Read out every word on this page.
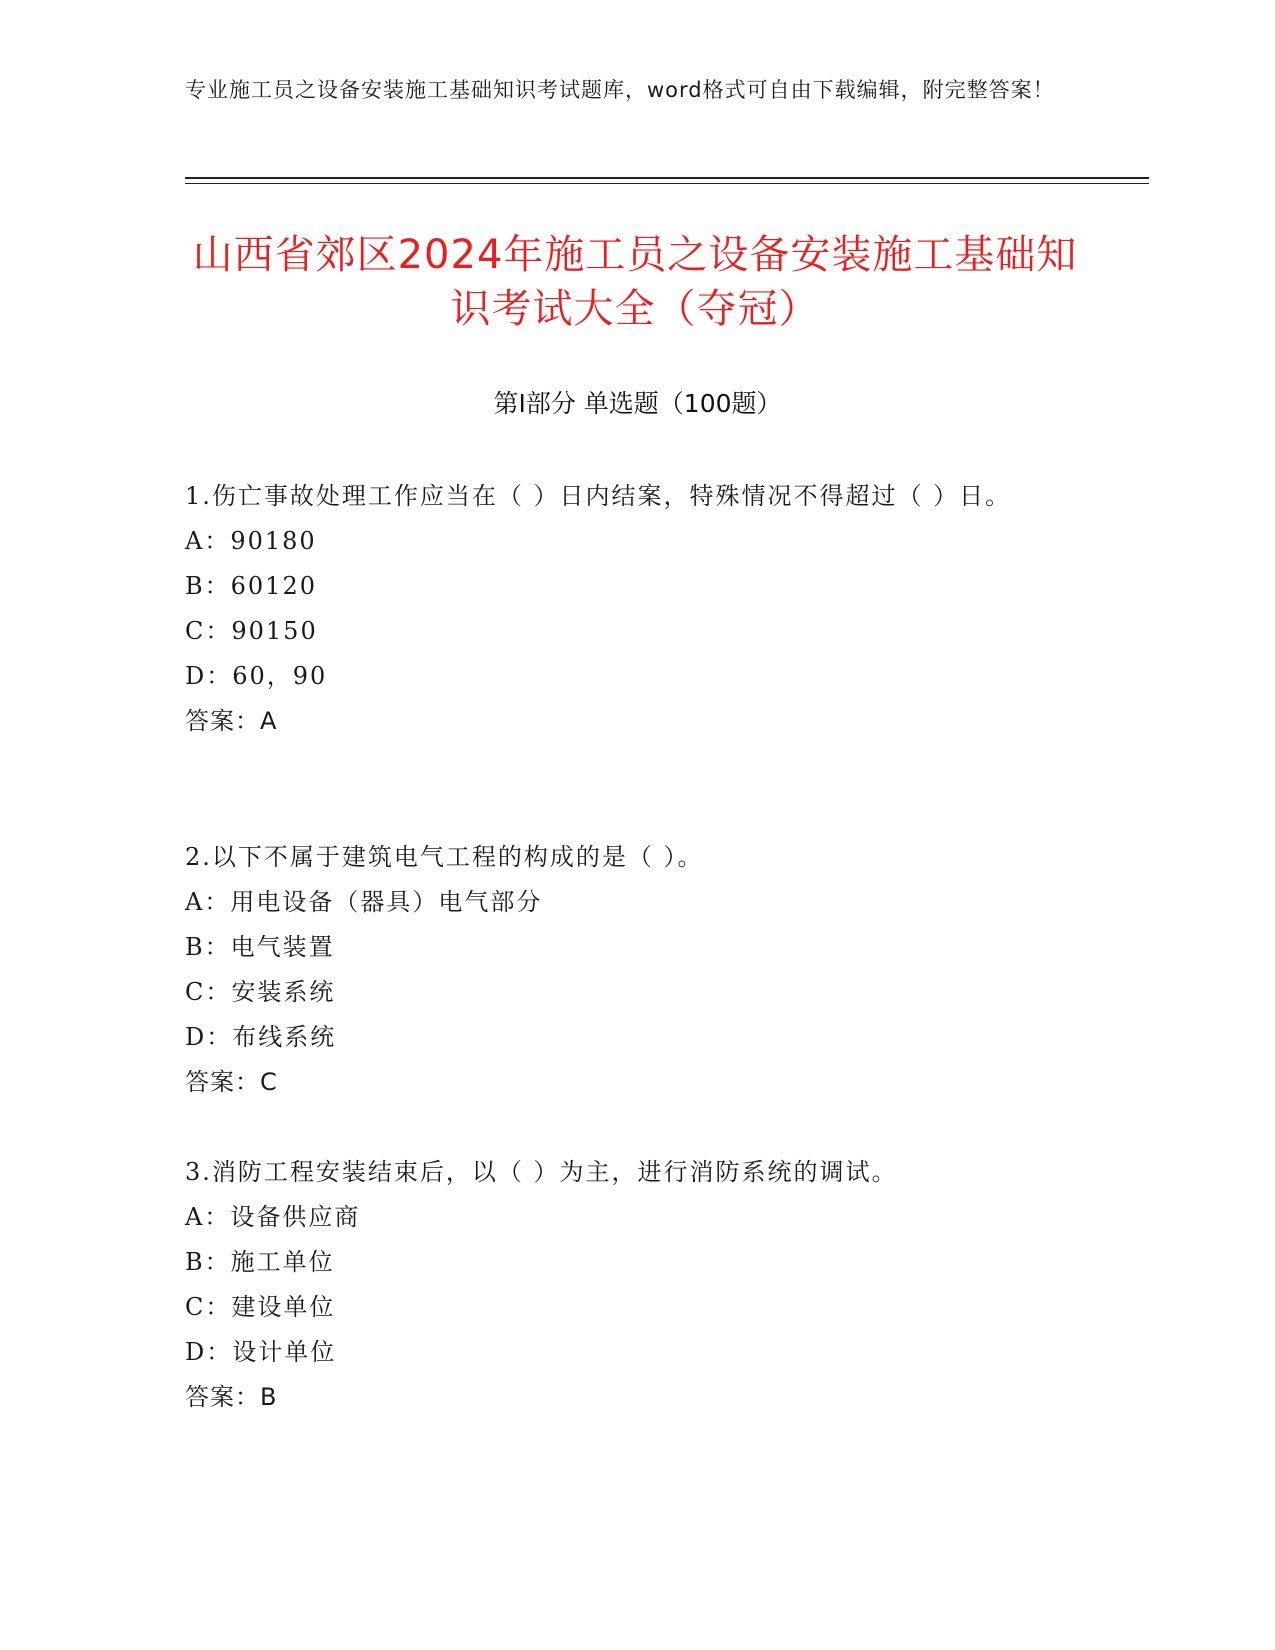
专业施工员之设备安装施工基础知识考试题库，word格式可自由下载编辑，附完整答案！
山西省郊区2024年施工员之设备安装施工基础知识考试大全（夺冠）
第Ⅰ部分 单选题（100题）

1.伤亡事故处理工作应当在（ ）日内结案，特殊情况不得超过（ ）日。

A：90180

B：60120

C：90150

D：60，90

答案：A

2.以下不属于建筑电气工程的构成的是（ ）。

A：用电设备（器具）电气部分

B：电气装置

C：安装系统

D：布线系统

答案：C

3.消防工程安装结束后，以（ ）为主，进行消防系统的调试。

A：设备供应商

B：施工单位

C：建设单位

D：设计单位

答案：B
